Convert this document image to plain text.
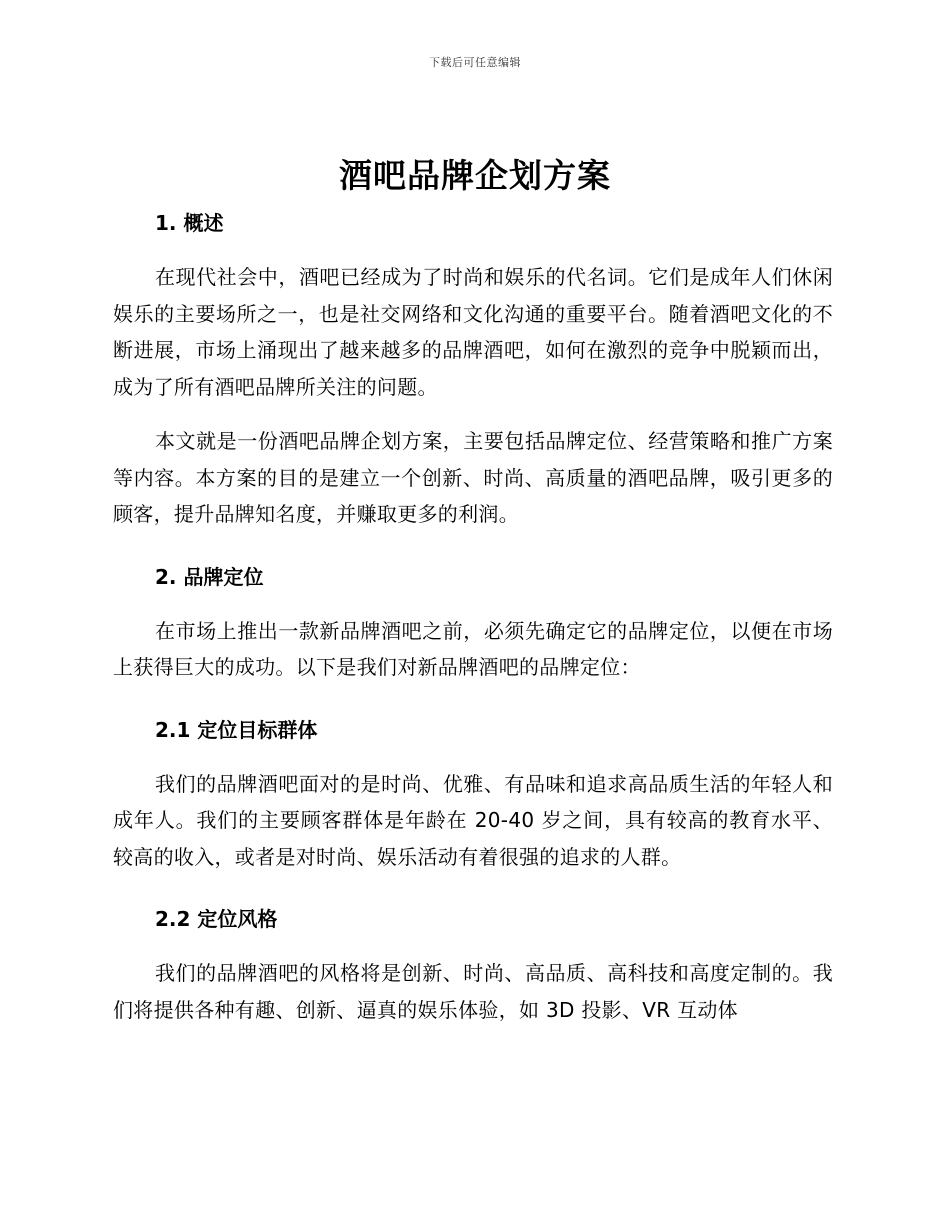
下载后可任意编辑
酒吧品牌企划方案
1. 概述
在现代社会中，酒吧已经成为了时尚和娱乐的代名词。它们是成年人们休闲娱乐的主要场所之一，也是社交网络和文化沟通的重要平台。随着酒吧文化的不断进展，市场上涌现出了越来越多的品牌酒吧，如何在激烈的竞争中脱颖而出，成为了所有酒吧品牌所关注的问题。
本文就是一份酒吧品牌企划方案，主要包括品牌定位、经营策略和推广方案等内容。本方案的目的是建立一个创新、时尚、高质量的酒吧品牌，吸引更多的顾客，提升品牌知名度，并赚取更多的利润。
2. 品牌定位
在市场上推出一款新品牌酒吧之前，必须先确定它的品牌定位，以便在市场上获得巨大的成功。以下是我们对新品牌酒吧的品牌定位：
2.1 定位目标群体
我们的品牌酒吧面对的是时尚、优雅、有品味和追求高品质生活的年轻人和成年人。我们的主要顾客群体是年龄在 20-40 岁之间，具有较高的教育水平、较高的收入，或者是对时尚、娱乐活动有着很强的追求的人群。
2.2 定位风格
我们的品牌酒吧的风格将是创新、时尚、高品质、高科技和高度定制的。我们将提供各种有趣、创新、逼真的娱乐体验，如 3D 投影、VR 互动体
